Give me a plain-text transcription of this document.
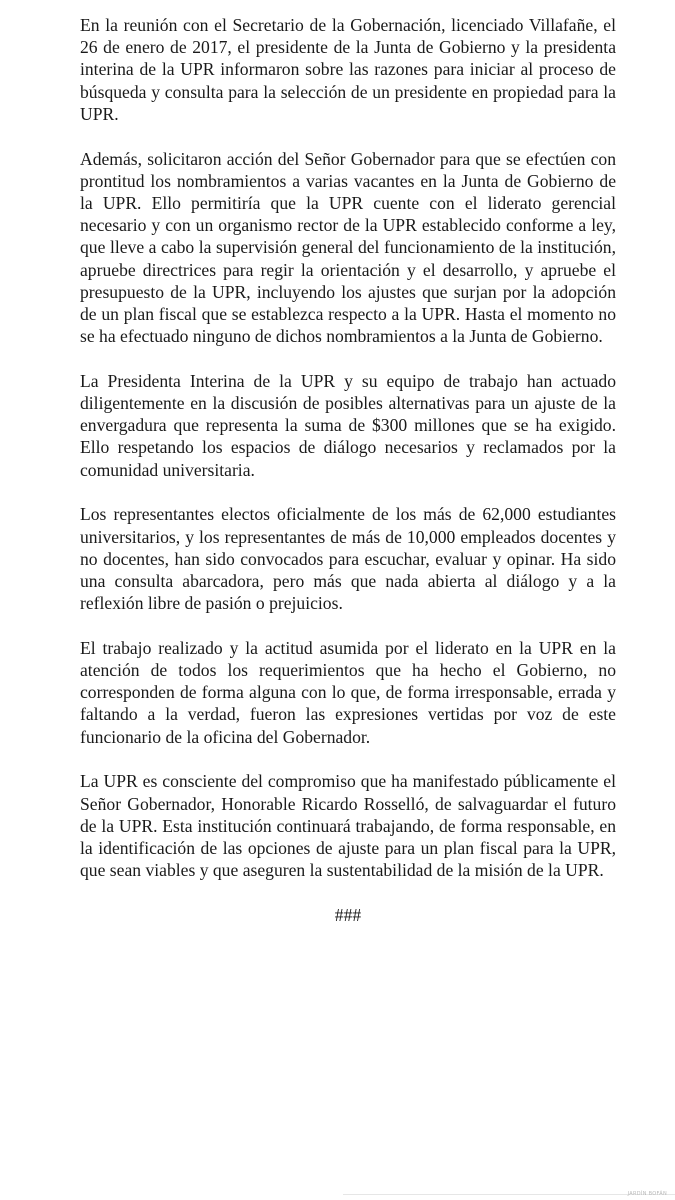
En la reunión con el Secretario de la Gobernación, licenciado Villafañe, el 26 de enero de 2017, el presidente de la Junta de Gobierno y la presidenta interina de la UPR informaron sobre las razones para iniciar al proceso de búsqueda y consulta para la selección de un presidente en propiedad para la UPR.

Además, solicitaron acción del Señor Gobernador para que se efectúen con prontitud los nombramientos a varias vacantes en la Junta de Gobierno de la UPR. Ello permitiría que la UPR cuente con el liderato gerencial necesario y con un organismo rector de la UPR establecido conforme a ley, que lleve a cabo la supervisión general del funcionamiento de la institución, apruebe directrices para regir la orientación y el desarrollo, y apruebe el presupuesto de la UPR, incluyendo los ajustes que surjan por la adopción de un plan fiscal que se establezca respecto a la UPR. Hasta el momento no se ha efectuado ninguno de dichos nombramientos a la Junta de Gobierno.

La Presidenta Interina de la UPR y su equipo de trabajo han actuado diligentemente en la discusión de posibles alternativas para un ajuste de la envergadura que representa la suma de $300 millones que se ha exigido. Ello respetando los espacios de diálogo necesarios y reclamados por la comunidad universitaria.

Los representantes electos oficialmente de los más de 62,000 estudiantes universitarios, y los representantes de más de 10,000 empleados docentes y no docentes, han sido convocados para escuchar, evaluar y opinar. Ha sido una consulta abarcadora, pero más que nada abierta al diálogo y a la reflexión libre de pasión o prejuicios.

El trabajo realizado y la actitud asumida por el liderato en la UPR en la atención de todos los requerimientos que ha hecho el Gobierno, no corresponden de forma alguna con lo que, de forma irresponsable, errada y faltando a la verdad, fueron las expresiones vertidas por voz de este funcionario de la oficina del Gobernador.

La UPR es consciente del compromiso que ha manifestado públicamente el Señor Gobernador, Honorable Ricardo Rosselló, de salvaguardar el futuro de la UPR. Esta institución continuará trabajando, de forma responsable, en la identificación de las opciones de ajuste para un plan fiscal para la UPR, que sean viables y que aseguren la sustentabilidad de la misión de la UPR.

###
JARDÍN BOFÁN
